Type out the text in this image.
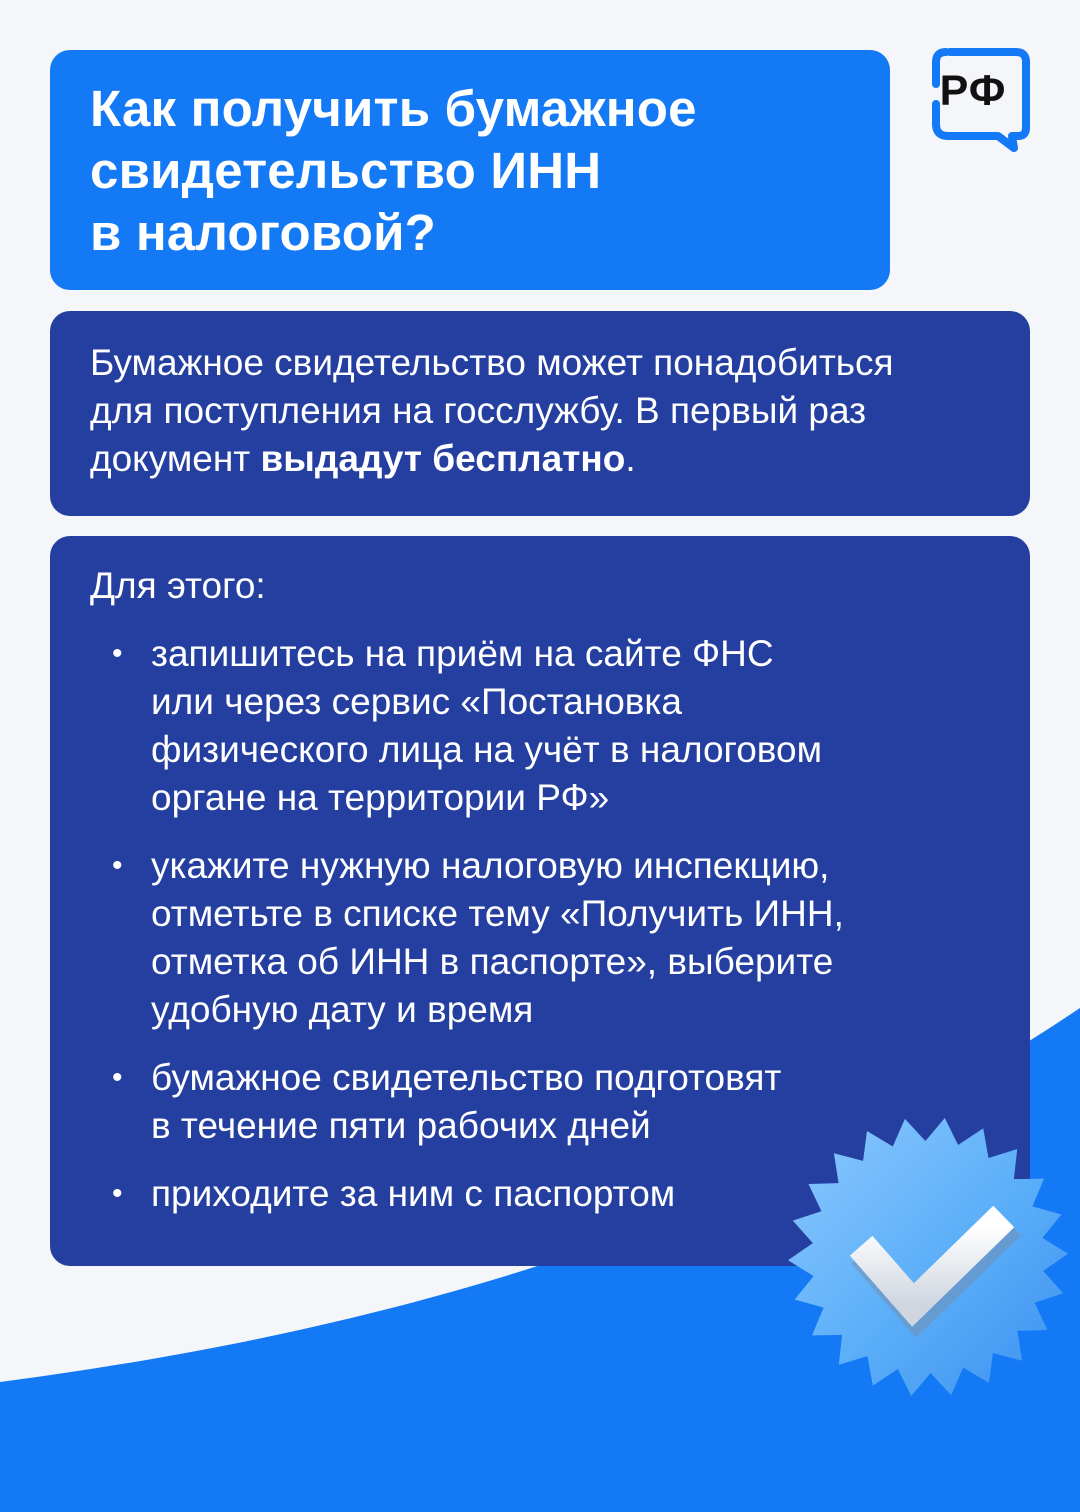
Как получить бумажное
свидетельство ИНН
в налоговой?
РФ
Бумажное свидетельство может понадобиться
для поступления на госслужбу. В первый раз
документ выдадут бесплатно.
Для этого:
• запишитесь на приём на сайте ФНС
или через сервис «Постановка
физического лица на учёт в налоговом
органе на территории РФ»
• укажите нужную налоговую инспекцию,
отметьте в списке тему «Получить ИНН,
отметка об ИНН в паспорте», выберите
удобную дату и время
• бумажное свидетельство подготовят
в течение пяти рабочих дней
• приходите за ним с паспортом
